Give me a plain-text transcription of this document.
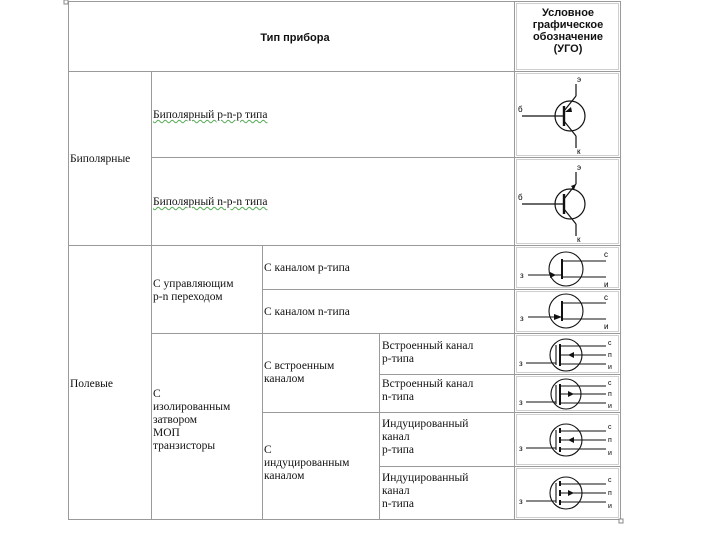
Тип прибора
Условное
графическое
обозначение
(УГО)
Биполярные
Полевые
Биполярный p-n-p типа
Биполярный n-p-n типа
С управляющим
p-n переходом
С каналом p-типа
С каналом n-типа
С
изолированным
затвором
МОП
транзисторы
С встроенным
каналом
Встроенный канал
p-типа
Встроенный канал
n-типа
С
индуцированным
каналом
Индуцированный
канал
p-типа
Индуцированный
канал
n-типа
э
б
к
э
б
к
з
с
и
з
с
и
з
с
п
и
з
с
п
и
з
с
п
и
з
с
п
и
